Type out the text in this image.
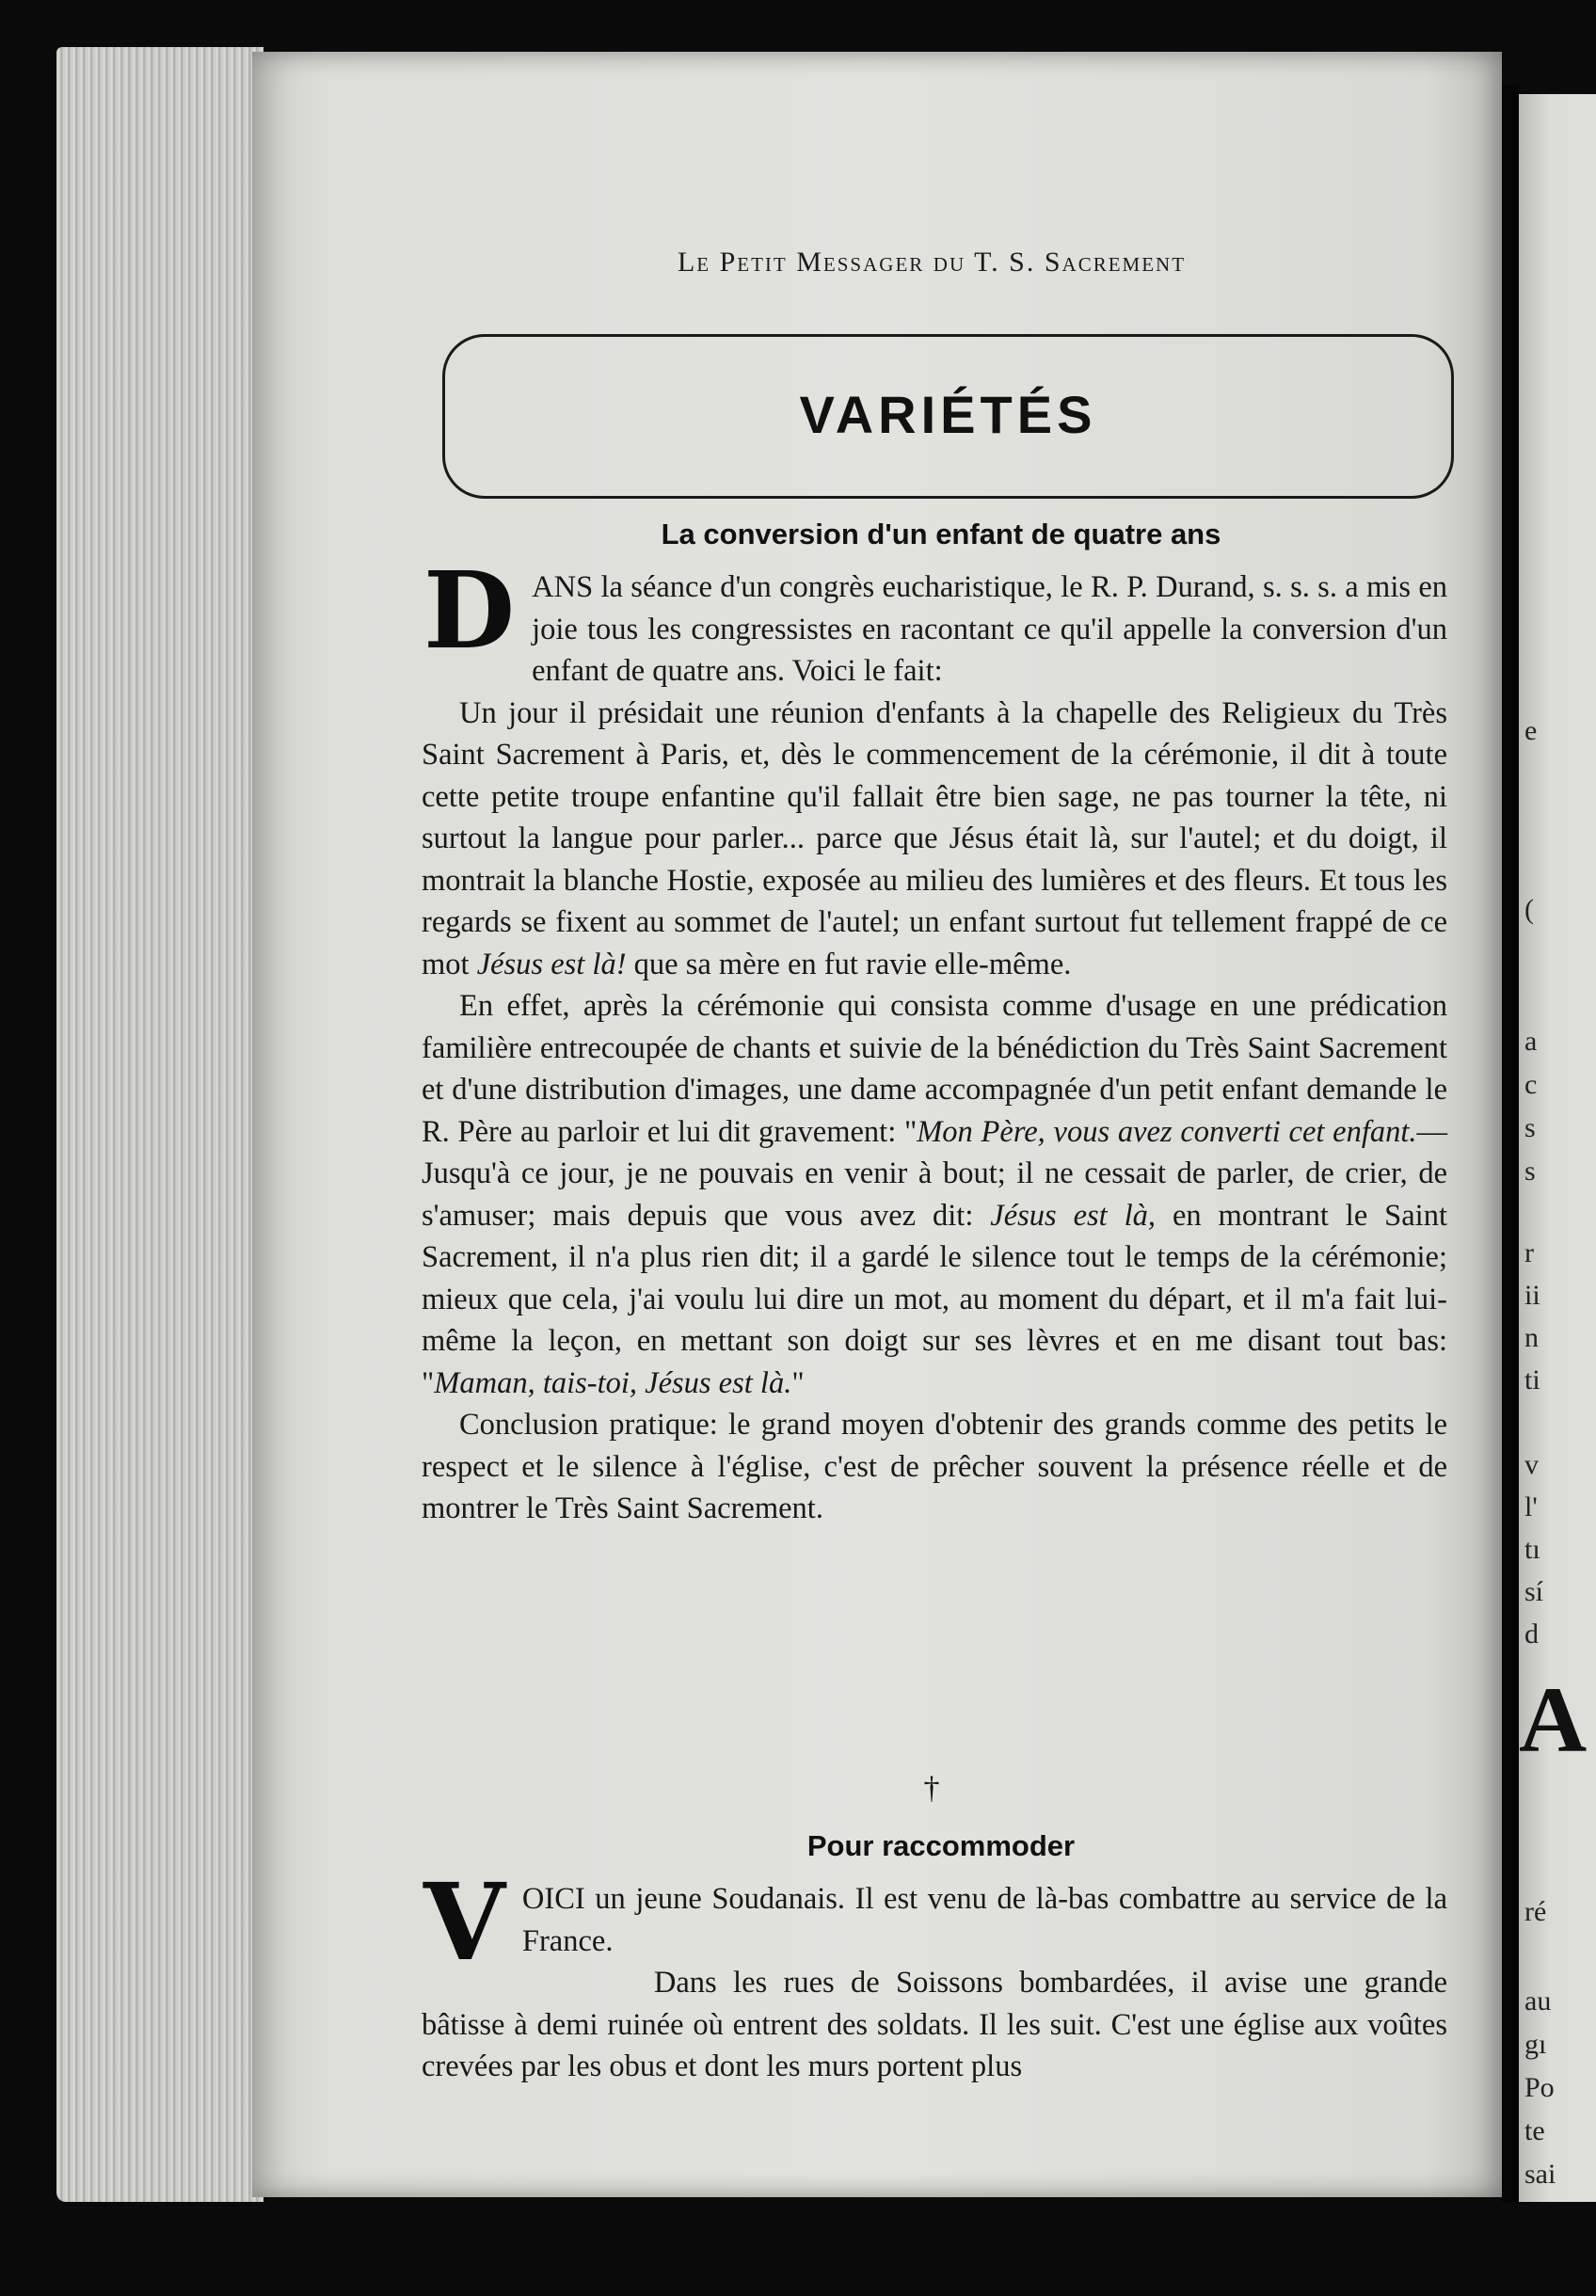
e
(
a
c
s
s
r
ii
n
ti
v
l'
tı
sí
d
A
ré
au
gı
Po
te
sai
Le Petit Messager du T. S. Sacrement
VARIÉTÉS
La conversion d'un enfant de quatre ans

DANS la séance d'un congrès eucharistique, le R. P. Durand, s. s. s. a mis en joie tous les congressistes en racontant ce qu'il appelle la conversion d'un enfant de quatre ans. Voici le fait:

Un jour il présidait une réunion d'enfants à la chapelle des Religieux du Très Saint Sacrement à Paris, et, dès le commencement de la cérémonie, il dit à toute cette petite troupe enfantine qu'il fallait être bien sage, ne pas tourner la tête, ni surtout la langue pour parler... parce que Jésus était là, sur l'autel; et du doigt, il montrait la blanche Hostie, exposée au milieu des lumières et des fleurs. Et tous les regards se fixent au sommet de l'autel; un enfant surtout fut tellement frappé de ce mot Jésus est là! que sa mère en fut ravie elle-même.

En effet, après la cérémonie qui consista comme d'usage en une prédication familière entrecoupée de chants et suivie de la bénédiction du Très Saint Sacrement et d'une distribution d'images, une dame accompagnée d'un petit enfant demande le R. Père au parloir et lui dit gravement: "Mon Père, vous avez converti cet enfant.— Jusqu'à ce jour, je ne pouvais en venir à bout; il ne cessait de parler, de crier, de s'amuser; mais depuis que vous avez dit: Jésus est là, en montrant le Saint Sacrement, il n'a plus rien dit; il a gardé le silence tout le temps de la cérémonie; mieux que cela, j'ai voulu lui dire un mot, au moment du départ, et il m'a fait lui-même la leçon, en mettant son doigt sur ses lèvres et en me disant tout bas: "Maman, tais-toi, Jésus est là."

Conclusion pratique: le grand moyen d'obtenir des grands comme des petits le respect et le silence à l'église, c'est de prêcher souvent la présence réelle et de montrer le Très Saint Sacrement.

†
Pour raccommoder

VOICI un jeune Soudanais. Il est venu de là-bas combattre au service de la France.

Dans les rues de Soissons bombardées, il avise une grande bâtisse à demi ruinée où entrent des soldats. Il les suit. C'est une église aux voûtes crevées par les obus et dont les murs portent plus
